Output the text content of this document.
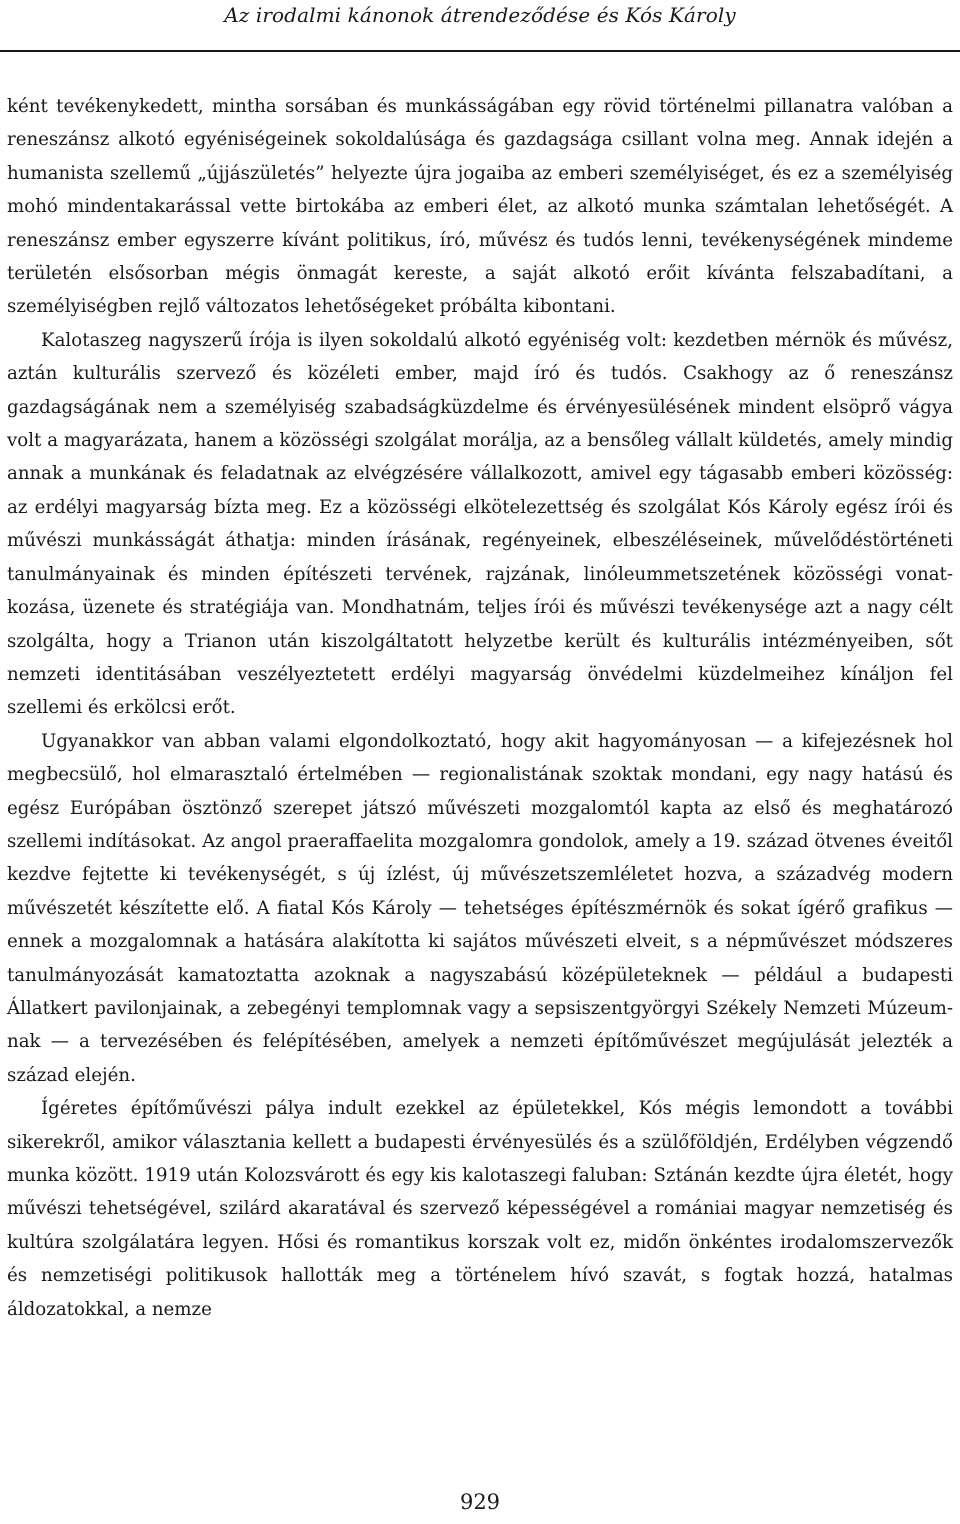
Az irodalmi kánonok átrendeződése és Kós Károly

ként tevékenykedett, mintha sorsában és munkásságában egy rövid történelmi pillanatra valóban a reneszánsz alkotó egyéniségeinek sokoldalúsága és gazdagsága csillant volna meg. Annak idején a humanista szellemű „újjászületés” helyezte újra jogaiba az emberi személyiséget, és ez a személyiség mohó mindentakarással vette birtokába az emberi élet, az alkotó munka számtalan lehetőségét. A reneszánsz ember egyszerre kívánt politikus, író, művész és tudós lenni, tevékenységének mindeme területén elsősorban mégis önmagát kereste, a saját alkotó erőit kívánta felszabadítani, a személyiségben rejlő változatos lehetőségeket próbálta kibontani.

Kalotaszeg nagyszerű írója is ilyen sokoldalú alkotó egyéniség volt: kezdetben mérnök és művész, aztán kulturális szervező és közéleti ember, majd író és tudós. Csakhogy az ő reneszánsz gazdagságának nem a személyiség szabadságküzdelme és érvényesülésének mindent elsöprő vágya volt a magyarázata, hanem a közösségi szolgálat morálja, az a bensőleg vállalt küldetés, amely mindig annak a munkának és feladatnak az elvégzésére vállalkozott, amivel egy tágasabb emberi közösség: az erdélyi magyarság bízta meg. Ez a közösségi elkötelezettség és szolgálat Kós Károly egész írói és művészi munkásságát áthatja: minden írásának, regényeinek, elbeszéléseinek, művelődéstörténeti tanulmányainak és minden építészeti tervének, rajzának, linóleummetszetének közösségi vonatkozása, üzenete és stratégiája van. Mondhatnám, teljes írói és művészi tevékenysége azt a nagy célt szolgálta, hogy a Trianon után kiszolgáltatott helyzetbe került és kulturális intézményeiben, sőt nemzeti identitásában veszélyeztetett erdélyi magyarság önvédelmi küzdelmeihez kínáljon fel szellemi és erkölcsi erőt.

Ugyanakkor van abban valami elgondolkoztató, hogy akit hagyományosan — a kifejezésnek hol megbecsülő, hol elmarasztaló értelmében — regionalistának szoktak mondani, egy nagy hatású és egész Európában ösztönző szerepet játszó művészeti mozgalomtól kapta az első és meghatározó szellemi indításokat. Az angol praeraffaelita mozgalomra gondolok, amely a 19. század ötvenes éveitől kezdve fejtette ki tevékenységét, s új ízlést, új művészetszemléletet hozva, a századvég modern művészetét készítette elő. A fiatal Kós Károly — tehetséges építészmérnök és sokat ígérő grafikus — ennek a mozgalomnak a hatására alakította ki sajátos művészeti elveit, s a népművészet módszeres tanulmányozását kamatoztatta azoknak a nagyszabású középületeknek — például a budapesti Állatkert pavilonjainak, a zebegényi templomnak vagy a sepsiszentgyörgyi Székely Nemzeti Múzeumnak — a tervezésében és felépítésében, amelyek a nemzeti építőművészet megújulását jelezték a század elején.

Ígéretes építőművészi pálya indult ezekkel az épületekkel, Kós mégis lemondott a további sikerekről, amikor választania kellett a budapesti érvényesülés és a szülőföldjén, Erdélyben végzendő munka között. 1919 után Kolozsvárott és egy kis kalotaszegi faluban: Sztánán kezdte újra életét, hogy művészi tehetségével, szilárd akaratával és szervező képességével a romániai magyar nemzetiség és kultúra szolgálatára legyen. Hősi és romantikus korszak volt ez, midőn önkéntes irodalomszervezők és nemzetiségi politikusok hallották meg a történelem hívó szavát, s fogtak hozzá, hatalmas áldozatokkal, a nemze

929
